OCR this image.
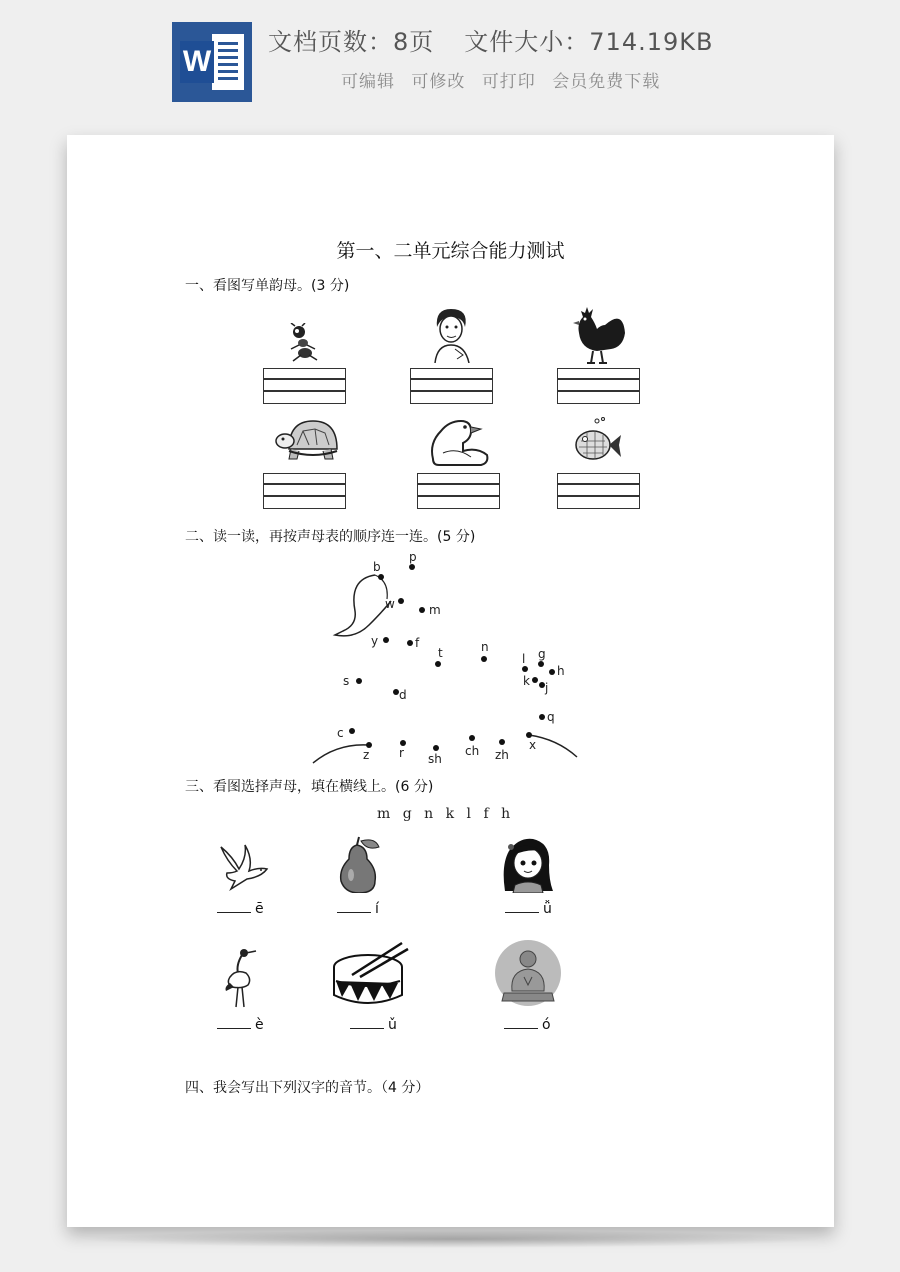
W
文档页数：8页 文件大小：714.19KB
可编辑 可修改 可打印 会员免费下载
第一、二单元综合能力测试
一、看图写单韵母。(3 分)
二、读一读，再按声母表的顺序连一连。(5 分)
p
b
w	m
y	f
t	n
l g
h
k j
s
d
q
c
z r sh
ch zh
x
三、看图选择声母，填在横线上。(6 分)
m g n k l f h
ē	í	ǚ
è	ǔ	ó
四、我会写出下列汉字的音节。（4 分）
